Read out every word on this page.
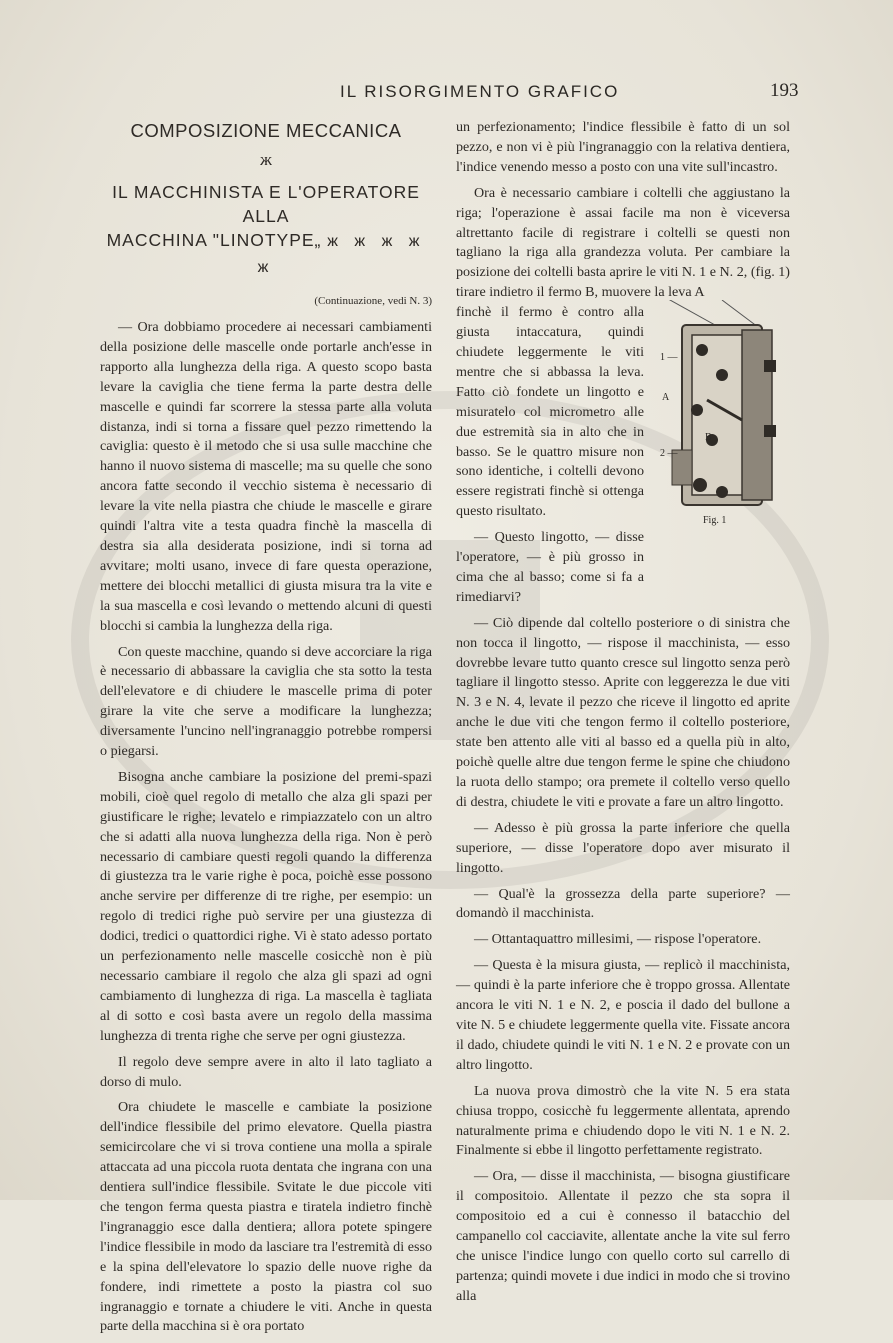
IL RISORGIMENTO GRAFICO	193
COMPOSIZIONE MECCANICA
ж
IL MACCHINISTA E L'OPERATORE ALLA
MACCHINA "LINOTYPE„ ж ж ж ж ж
(Continuazione, vedi N. 3)

— Ora dobbiamo procedere ai necessari cambiamenti della posizione delle mascelle onde portarle anch'esse in rapporto alla lunghezza della riga. A questo scopo basta levare la caviglia che tiene ferma la parte destra delle mascelle e quindi far scorrere la stessa parte alla voluta distanza, indi si torna a fissare quel pezzo rimettendo la caviglia: questo è il metodo che si usa sulle macchine che hanno il nuovo sistema di mascelle; ma su quelle che sono ancora fatte secondo il vecchio sistema è necessario di levare la vite nella piastra che chiude le mascelle e girare quindi l'altra vite a testa quadra finchè la mascella di destra sia alla desiderata posizione, indi si torna ad avvitare; molti usano, invece di fare questa operazione, mettere dei blocchi metallici di giusta misura tra la vite e la sua mascella e così levando o mettendo alcuni di questi blocchi si cambia la lunghezza della riga.

Con queste macchine, quando si deve accorciare la riga è necessario di abbassare la caviglia che sta sotto la testa dell'elevatore e di chiudere le mascelle prima di poter girare la vite che serve a modificare la lunghezza; diversamente l'uncino nell'ingranaggio potrebbe rompersi o piegarsi.

Bisogna anche cambiare la posizione del premi-spazi mobili, cioè quel regolo di metallo che alza gli spazi per giustificare le righe; levatelo e rimpiazzatelo con un altro che si adatti alla nuova lunghezza della riga. Non è però necessario di cambiare questi regoli quando la differenza di giustezza tra le varie righe è poca, poichè esse possono anche servire per differenze di tre righe, per esempio: un regolo di tredici righe può servire per una giustezza di dodici, tredici o quattordici righe. Vi è stato adesso portato un perfezionamento nelle mascelle cosicchè non è più necessario cambiare il regolo che alza gli spazi ad ogni cambiamento di lunghezza di riga. La mascella è tagliata al di sotto e così basta avere un regolo della massima lunghezza di trenta righe che serve per ogni giustezza.

Il regolo deve sempre avere in alto il lato tagliato a dorso di mulo.

Ora chiudete le mascelle e cambiate la posizione dell'indice flessibile del primo elevatore. Quella piastra semicircolare che vi si trova contiene una molla a spirale attaccata ad una piccola ruota dentata che ingrana con una dentiera sull'indice flessibile. Svitate le due piccole viti che tengon ferma questa piastra e tiratela indietro finchè l'ingranaggio esce dalla dentiera; allora potete spingere l'indice flessibile in modo da lasciare tra l'estremità di esso e la spina dell'elevatore lo spazio delle nuove righe da fondere, indi rimettete a posto la piastra col suo ingranaggio e tornate a chiudere le viti. Anche in questa parte della macchina si è ora portato

un perfezionamento; l'indice flessibile è fatto di un sol pezzo, e non vi è più l'ingranaggio con la relativa dentiera, l'indice venendo messo a posto con una vite sull'incastro.

Ora è necessario cambiare i coltelli che aggiustano la riga; l'operazione è assai facile ma non è viceversa altrettanto facile di registrare i coltelli se questi non tagliano la riga alla grandezza voluta. Per cambiare la posizione dei coltelli basta aprire le viti N. 1 e N. 2, (fig. 1) tirare indietro il fermo B, muovere la leva A

finchè il fermo è contro alla giusta intaccatura, quindi chiudete leggermente le viti mentre che si abbassa la leva. Fatto ciò fondete un lingotto e misuratelo col micrometro alle due estremità sia in alto che in basso. Se le quattro misure non sono identiche, i coltelli devono essere registrati finchè si ottenga questo risultato.

— Questo lingotto, — disse l'operatore, — è più grosso in cima che al basso; come si fa a rimediarvi?

— Ciò dipende dal coltello posteriore o di sinistra che non tocca il lingotto, — rispose il macchinista, — esso dovrebbe levare tutto quanto cresce sul lingotto senza però tagliare il lingotto stesso. Aprite con leggerezza le due viti N. 3 e N. 4, levate il pezzo che riceve il lingotto ed aprite anche le due viti che tengon fermo il coltello posteriore, state ben attento alle viti al basso ed a quella più in alto, poichè quelle altre due tengon ferme le spine che chiudono la ruota dello stampo; ora premete il coltello verso quello di destra, chiudete le viti e provate a fare un altro lingotto.

— Adesso è più grossa la parte inferiore che quella superiore, — disse l'operatore dopo aver misurato il lingotto.

— Qual'è la grossezza della parte superiore? — domandò il macchinista.

— Ottantaquattro millesimi, — rispose l'operatore.

— Questa è la misura giusta, — replicò il macchinista, — quindi è la parte inferiore che è troppo grossa. Allentate ancora le viti N. 1 e N. 2, e poscia il dado del bullone a vite N. 5 e chiudete leggermente quella vite. Fissate ancora il dado, chiudete quindi le viti N. 1 e N. 2 e provate con un altro lingotto.

La nuova prova dimostrò che la vite N. 5 era stata chiusa troppo, cosicchè fu leggermente allentata, aprendo naturalmente prima e chiudendo dopo le viti N. 1 e N. 2. Finalmente si ebbe il lingotto perfettamente registrato.

— Ora, — disse il macchinista, — bisogna giustificare il compositoio. Allentate il pezzo che sta sopra il compositoio ed a cui è connesso il batacchio del campanello col cacciavite, allentate anche la vite sul ferro che unisce l'indice lungo con quello corto sul carrello di partenza; quindi movete i due indici in modo che si trovino alla

1 —
2 —
A
B
Fig. 1
